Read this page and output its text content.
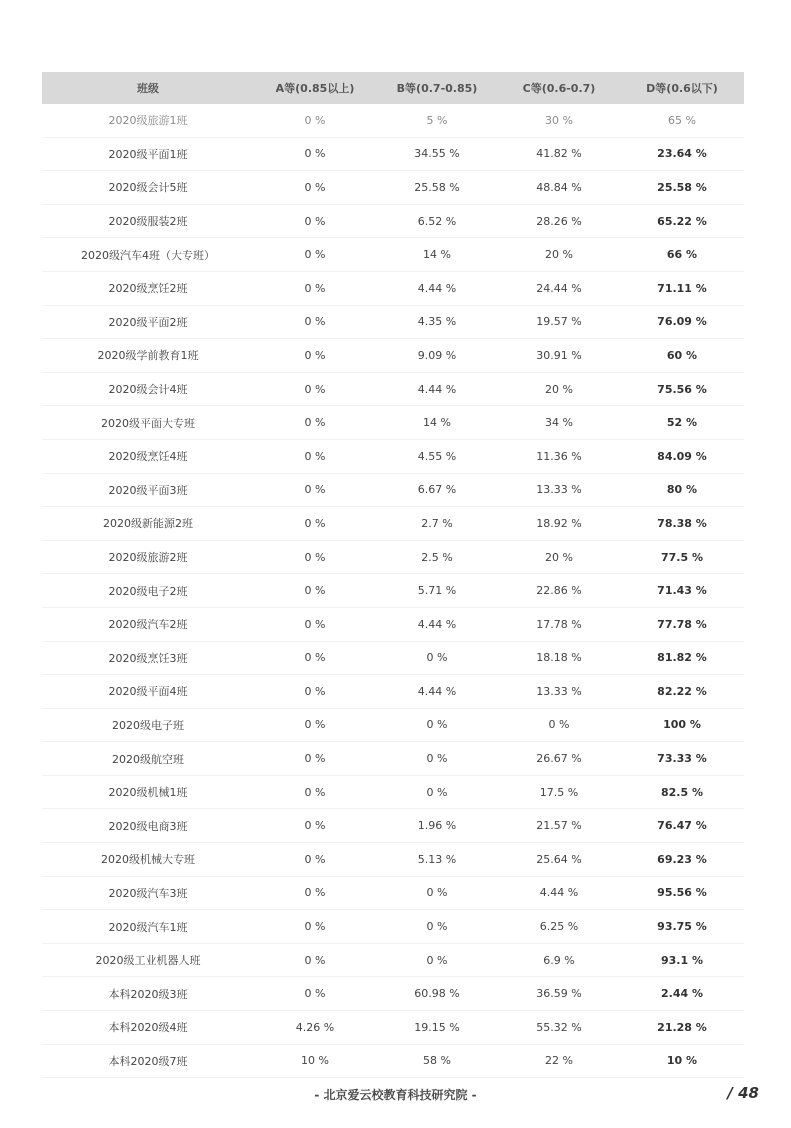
班级	A等(0.85以上)	B等(0.7-0.85)	C等(0.6-0.7)	D等(0.6以下)
2020级旅游1班	0 %	5 %	30 %	65 %
2020级平面1班	0 %	34.55 %	41.82 %	23.64 %
2020级会计5班	0 %	25.58 %	48.84 %	25.58 %
2020级服装2班	0 %	6.52 %	28.26 %	65.22 %
2020级汽车4班（大专班）	0 %	14 %	20 %	66 %
2020级烹饪2班	0 %	4.44 %	24.44 %	71.11 %
2020级平面2班	0 %	4.35 %	19.57 %	76.09 %
2020级学前教育1班	0 %	9.09 %	30.91 %	60 %
2020级会计4班	0 %	4.44 %	20 %	75.56 %
2020级平面大专班	0 %	14 %	34 %	52 %
2020级烹饪4班	0 %	4.55 %	11.36 %	84.09 %
2020级平面3班	0 %	6.67 %	13.33 %	80 %
2020级新能源2班	0 %	2.7 %	18.92 %	78.38 %
2020级旅游2班	0 %	2.5 %	20 %	77.5 %
2020级电子2班	0 %	5.71 %	22.86 %	71.43 %
2020级汽车2班	0 %	4.44 %	17.78 %	77.78 %
2020级烹饪3班	0 %	0 %	18.18 %	81.82 %
2020级平面4班	0 %	4.44 %	13.33 %	82.22 %
2020级电子班	0 %	0 %	0 %	100 %
2020级航空班	0 %	0 %	26.67 %	73.33 %
2020级机械1班	0 %	0 %	17.5 %	82.5 %
2020级电商3班	0 %	1.96 %	21.57 %	76.47 %
2020级机械大专班	0 %	5.13 %	25.64 %	69.23 %
2020级汽车3班	0 %	0 %	4.44 %	95.56 %
2020级汽车1班	0 %	0 %	6.25 %	93.75 %
2020级工业机器人班	0 %	0 %	6.9 %	93.1 %
本科2020级3班	0 %	60.98 %	36.59 %	2.44 %
本科2020级4班	4.26 %	19.15 %	55.32 %	21.28 %
本科2020级7班	10 %	58 %	22 %	10 %
- 北京爱云校教育科技研究院 -	/ 48
